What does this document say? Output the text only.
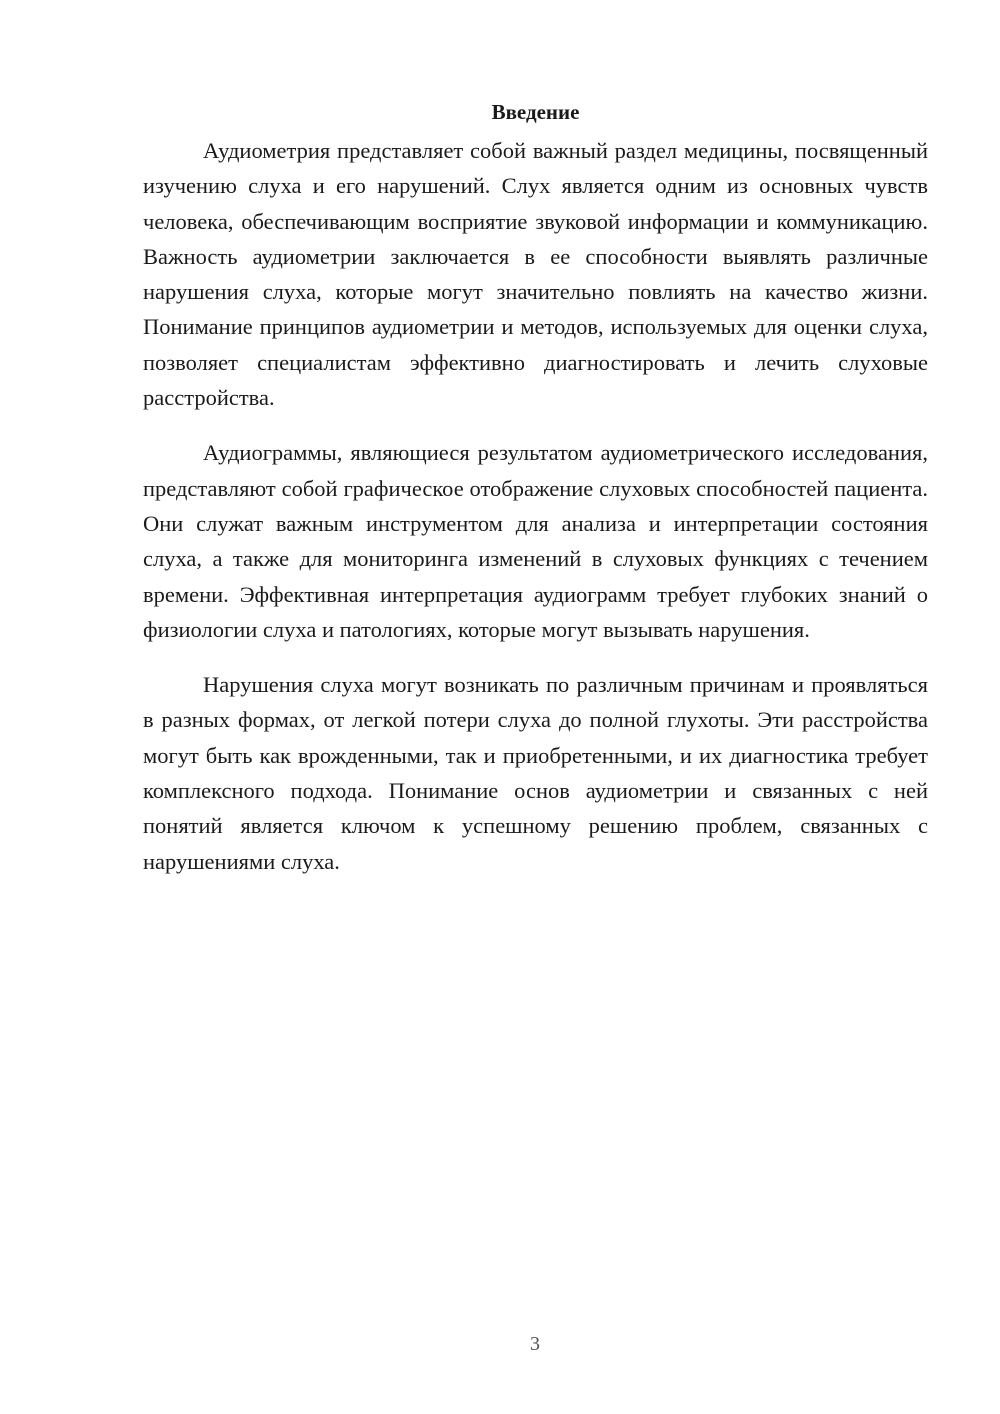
Введение

Аудиометрия представляет собой важный раздел медицины, посвященный изучению слуха и его нарушений. Слух является одним из основных чувств человека, обеспечивающим восприятие звуковой информации и коммуникацию. Важность аудиометрии заключается в ее способности выявлять различные нарушения слуха, которые могут значительно повлиять на качество жизни. Понимание принципов аудиометрии и методов, используемых для оценки слуха, позволяет специалистам эффективно диагностировать и лечить слуховые расстройства.

Аудиограммы, являющиеся результатом аудиометрического исследования, представляют собой графическое отображение слуховых способностей пациента. Они служат важным инструментом для анализа и интерпретации состояния слуха, а также для мониторинга изменений в слуховых функциях с течением времени. Эффективная интерпретация аудиограмм требует глубоких знаний о физиологии слуха и патологиях, которые могут вызывать нарушения.

Нарушения слуха могут возникать по различным причинам и проявляться в разных формах, от легкой потери слуха до полной глухоты. Эти расстройства могут быть как врожденными, так и приобретенными, и их диагностика требует комплексного подхода. Понимание основ аудиометрии и связанных с ней понятий является ключом к успешному решению проблем, связанных с нарушениями слуха.

3
